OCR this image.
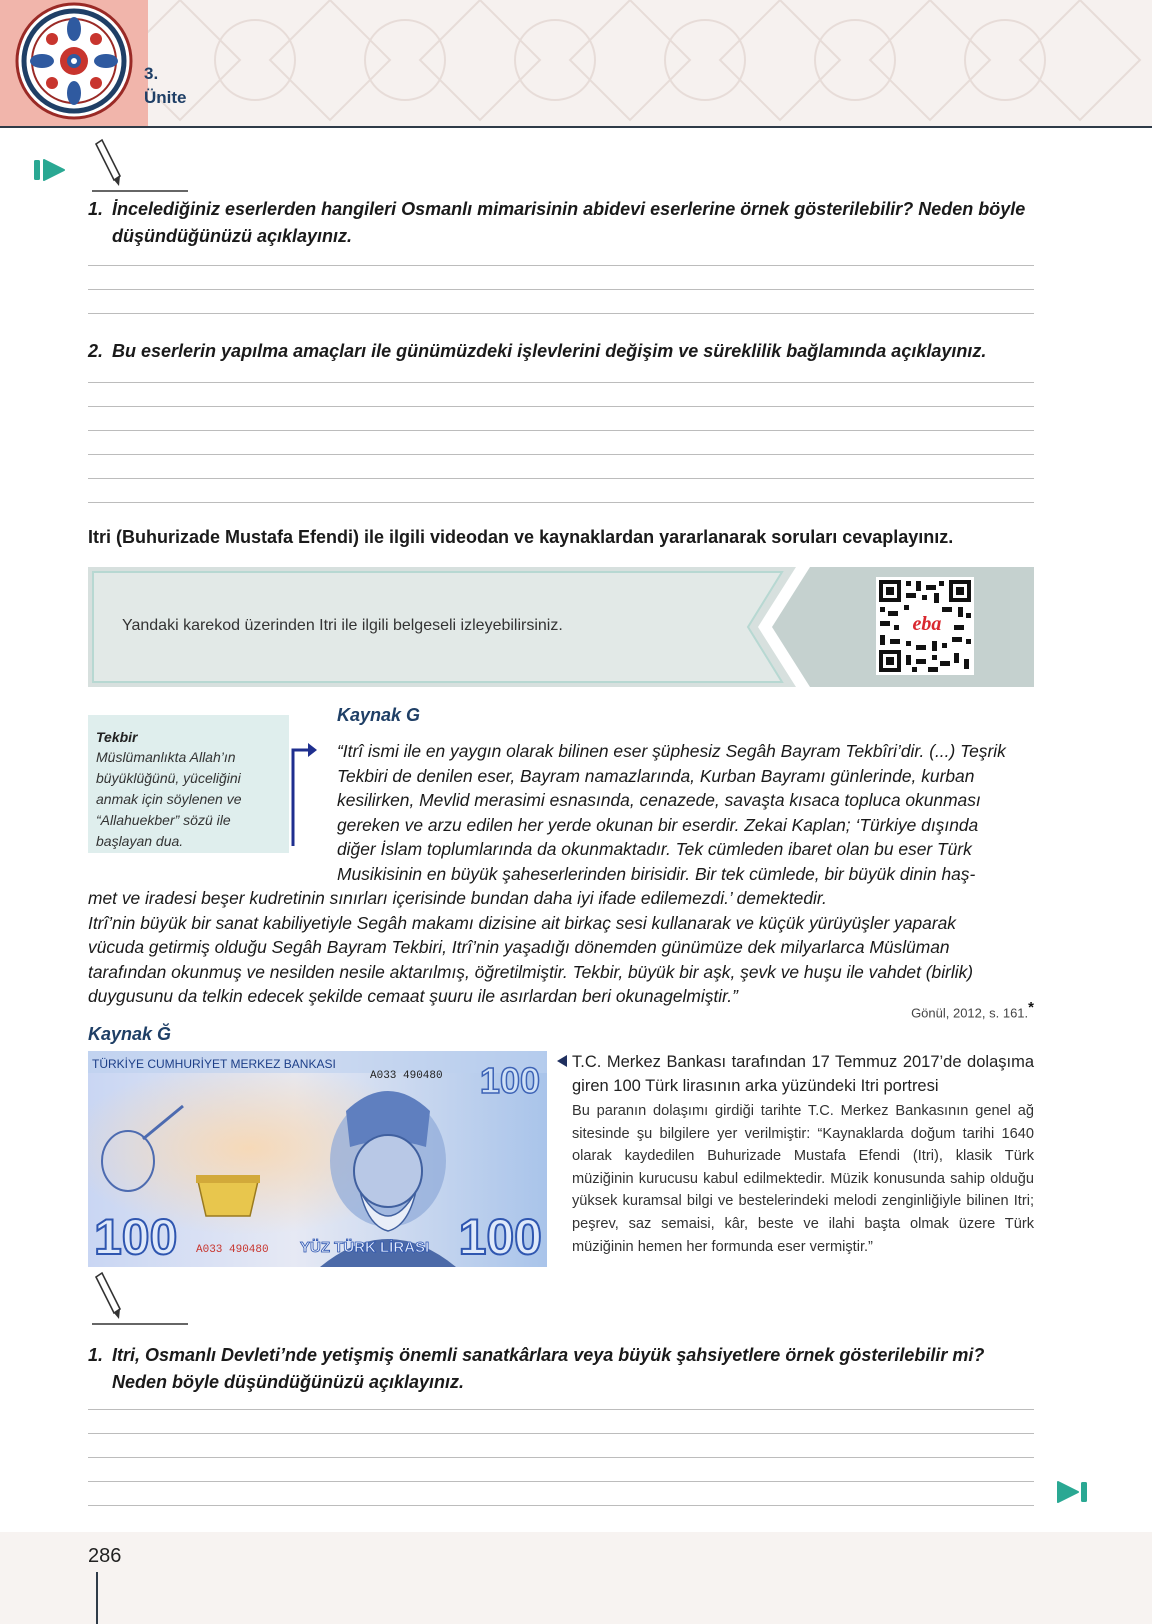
3.
Ünite
1. İncelediğiniz eserlerden hangileri Osmanlı mimarisinin abidevi eserlerine örnek gösterilebilir? Neden böyle düşündüğünüzü açıklayınız.
2. Bu eserlerin yapılma amaçları ile günümüzdeki işlevlerini değişim ve süreklilik bağlamında açıklayınız.
Itri (Buhurizade Mustafa Efendi) ile ilgili videodan ve kaynaklardan yararlanarak soruları cevaplayınız.
Yandaki karekod üzerinden Itri ile ilgili belgeseli izleyebilirsiniz.	eba
Tekbir
Müslümanlıkta Allah’ın
büyüklüğünü, yüceliğini
anmak için söylenen ve
“Allahuekber” sözü ile
başlayan dua.
Kaynak G
“Itrî ismi ile en yaygın olarak bilinen eser şüphesiz Segâh Bayram Tekbîri’dir. (...) Teşrik
Tekbiri de denilen eser, Bayram namazlarında, Kurban Bayramı günlerinde, kurban
kesilirken, Mevlid merasimi esnasında, cenazede, savaşta kısaca topluca okunması
gereken ve arzu edilen her yerde okunan bir eserdir. Zekai Kaplan; ‘Türkiye dışında
diğer İslam toplumlarında da okunmaktadır. Tek cümleden ibaret olan bu eser Türk
Musikisinin en büyük şaheserlerinden birisidir. Bir tek cümlede, bir büyük dinin haş-
met ve iradesi beşer kudretinin sınırları içerisinde bundan daha iyi ifade edilemezdi.’ demektedir.
Itrî’nin büyük bir sanat kabiliyetiyle Segâh makamı dizisine ait birkaç sesi kullanarak ve küçük yürüyüşler yaparak
vücuda getirmiş olduğu Segâh Bayram Tekbiri, Itrî’nin yaşadığı dönemden günümüze dek milyarlarca Müslüman
tarafından okunmuş ve nesilden nesile aktarılmış, öğretilmiştir. Tekbir, büyük bir aşk, şevk ve huşu ile vahdet (birlik)
duygusunu da telkin edecek şekilde cemaat şuuru ile asırlardan beri okunagelmiştir.”
Gönül, 2012, s. 161.*
Kaynak Ğ
TÜRKİYE CUMHURİYET MERKEZ BANKASI
A033 490480 100
100 A033 490480 YÜZ TÜRK LİRASI 100
T.C. Merkez Bankası tarafından 17 Temmuz 2017’de dolaşıma giren 100 Türk lirasının arka yüzündeki Itri portresi
Bu paranın dolaşımı girdiği tarihte T.C. Merkez Bankasının genel ağ sitesinde şu bilgilere yer verilmiştir: “Kaynaklarda doğum tarihi 1640 olarak kaydedilen Buhurizade Mustafa Efendi (Itri), klasik Türk müziğinin kurucusu kabul edilmektedir. Müzik konusunda sahip olduğu yüksek kuramsal bilgi ve bestelerindeki melodi zenginliğiyle bilinen Itri; peşrev, saz semaisi, kâr, beste ve ilahi başta olmak üzere Türk müziğinin hemen her formunda eser vermiştir.”
1. Itri, Osmanlı Devleti’nde yetişmiş önemli sanatkârlara veya büyük şahsiyetlere örnek gösterilebilir mi? Neden böyle düşündüğünüzü açıklayınız.
286
